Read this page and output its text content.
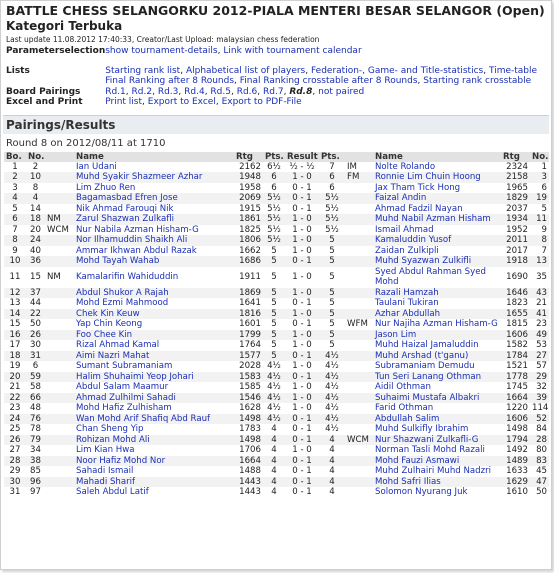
BATTLE CHESS SELANGORKU 2012-PIALA MENTERI BESAR SELANGOR (Open)
Kategori Terbuka
Last update 11.08.2012 17:40:33, Creator/Last Upload: malaysian chess federation
Parameterselection	show tournament-details, Link with tournament calendar

Lists	Starting rank list, Alphabetical list of players, Federation-, Game- and Title-statistics, Time-table
Final Ranking after 8 Rounds, Final Ranking crosstable after 8 Rounds, Starting rank crosstable
Board Pairings	Rd.1, Rd.2, Rd.3, Rd.4, Rd.5, Rd.6, Rd.7, Rd.8, not paired
Excel and Print	Print list, Export to Excel, Export to PDF-File
Pairings/Results
Round 8 on 2012/08/11 at 1710
Bo.	No.		Name	Rtg	Pts.	Result	Pts.		Name	Rtg	No.
1	2		Ian Udani	2162	6½	½ - ½	7	IM	Nolte Rolando	2324	1
2	10		Muhd Syakir Shazmeer Azhar	1948	6	1 - 0	6	FM	Ronnie Lim Chuin Hoong	2158	3
3	8		Lim Zhuo Ren	1958	6	0 - 1	6		Jax Tham Tick Hong	1965	6
4	4		Bagamasbad Efren Jose	2069	5½	0 - 1	5½		Faizal Andin	1829	19
5	14		Nik Ahmad Farouqi Nik	1915	5½	0 - 1	5½		Ahmad Fadzil Nayan	2037	5
6	18	NM	Zarul Shazwan Zulkafli	1861	5½	1 - 0	5½		Muhd Nabil Azman Hisham	1934	11
7	20	WCM	Nur Nabila Azman Hisham-G	1825	5½	1 - 0	5½		Ismail Ahmad	1952	9
8	24		Nor Ilhamuddin Shaikh Ali	1806	5½	1 - 0	5		Kamaluddin Yusof	2011	8
9	40		Ammar Ikhwan Abdul Razak	1662	5	1 - 0	5		Zaidan Zulkipli	2017	7
10	36		Mohd Tayah Wahab	1686	5	0 - 1	5		Muhd Syazwan Zulkifli	1918	13
11	15	NM	Kamalarifin Wahiduddin	1911	5	1 - 0	5		Syed Abdul Rahman Syed Mohd	1690	35
12	37		Abdul Shukor A Rajah	1869	5	1 - 0	5		Razali Hamzah	1646	43
13	44		Mohd Ezmi Mahmood	1641	5	0 - 1	5		Taulani Tukiran	1823	21
14	22		Chek Kin Keuw	1816	5	1 - 0	5		Azhar Abdullah	1655	41
15	50		Yap Chin Keong	1601	5	0 - 1	5	WFM	Nur Najiha Azman Hisham-G	1815	23
16	26		Foo Chee Kin	1799	5	1 - 0	5		Jason Lim	1606	49
17	30		Rizal Ahmad Kamal	1764	5	1 - 0	5		Muhd Haizal Jamaluddin	1582	53
18	31		Aimi Nazri Mahat	1577	5	0 - 1	4½		Muhd Arshad (t'ganu)	1784	27
19	6		Sumant Subramaniam	2028	4½	1 - 0	4½		Subramaniam Demudu	1521	57
20	59		Halim Shuhaimi Yeop Johari	1583	4½	0 - 1	4½		Tun Seri Lanang Othman	1778	29
21	58		Abdul Salam Maamur	1585	4½	1 - 0	4½		Aidil Othman	1745	32
22	66		Ahmad Zulhilmi Sahadi	1546	4½	1 - 0	4½		Suhaimi Mustafa Albakri	1664	39
23	48		Mohd Hafiz Zulhisham	1628	4½	1 - 0	4½		Farid Othman	1220	114
24	76		Wan Mohd Arif Shafiq Abd Rauf	1498	4½	0 - 1	4½		Abdullah Salim	1606	52
25	78		Chan Sheng Yip	1783	4	0 - 1	4½		Muhd Sulkifly Ibrahim	1498	84
26	79		Rohizan Mohd Ali	1498	4	0 - 1	4	WCM	Nur Shazwani Zulkafli-G	1794	28
27	34		Lim Kian Hwa	1706	4	1 - 0	4		Norman Tasli Mohd Razali	1492	80
28	38		Noor Hafiz Mohd Nor	1664	4	0 - 1	4		Mohd Fauzi Asmawi	1489	83
29	85		Sahadi Ismail	1488	4	0 - 1	4		Muhd Zulhairi Muhd Nadzri	1633	45
30	96		Mahadi Sharif	1443	4	0 - 1	4		Mohd Safri Ilias	1629	47
31	97		Saleh Abdul Latif	1443	4	0 - 1	4		Solomon Nyurang Juk	1610	50
